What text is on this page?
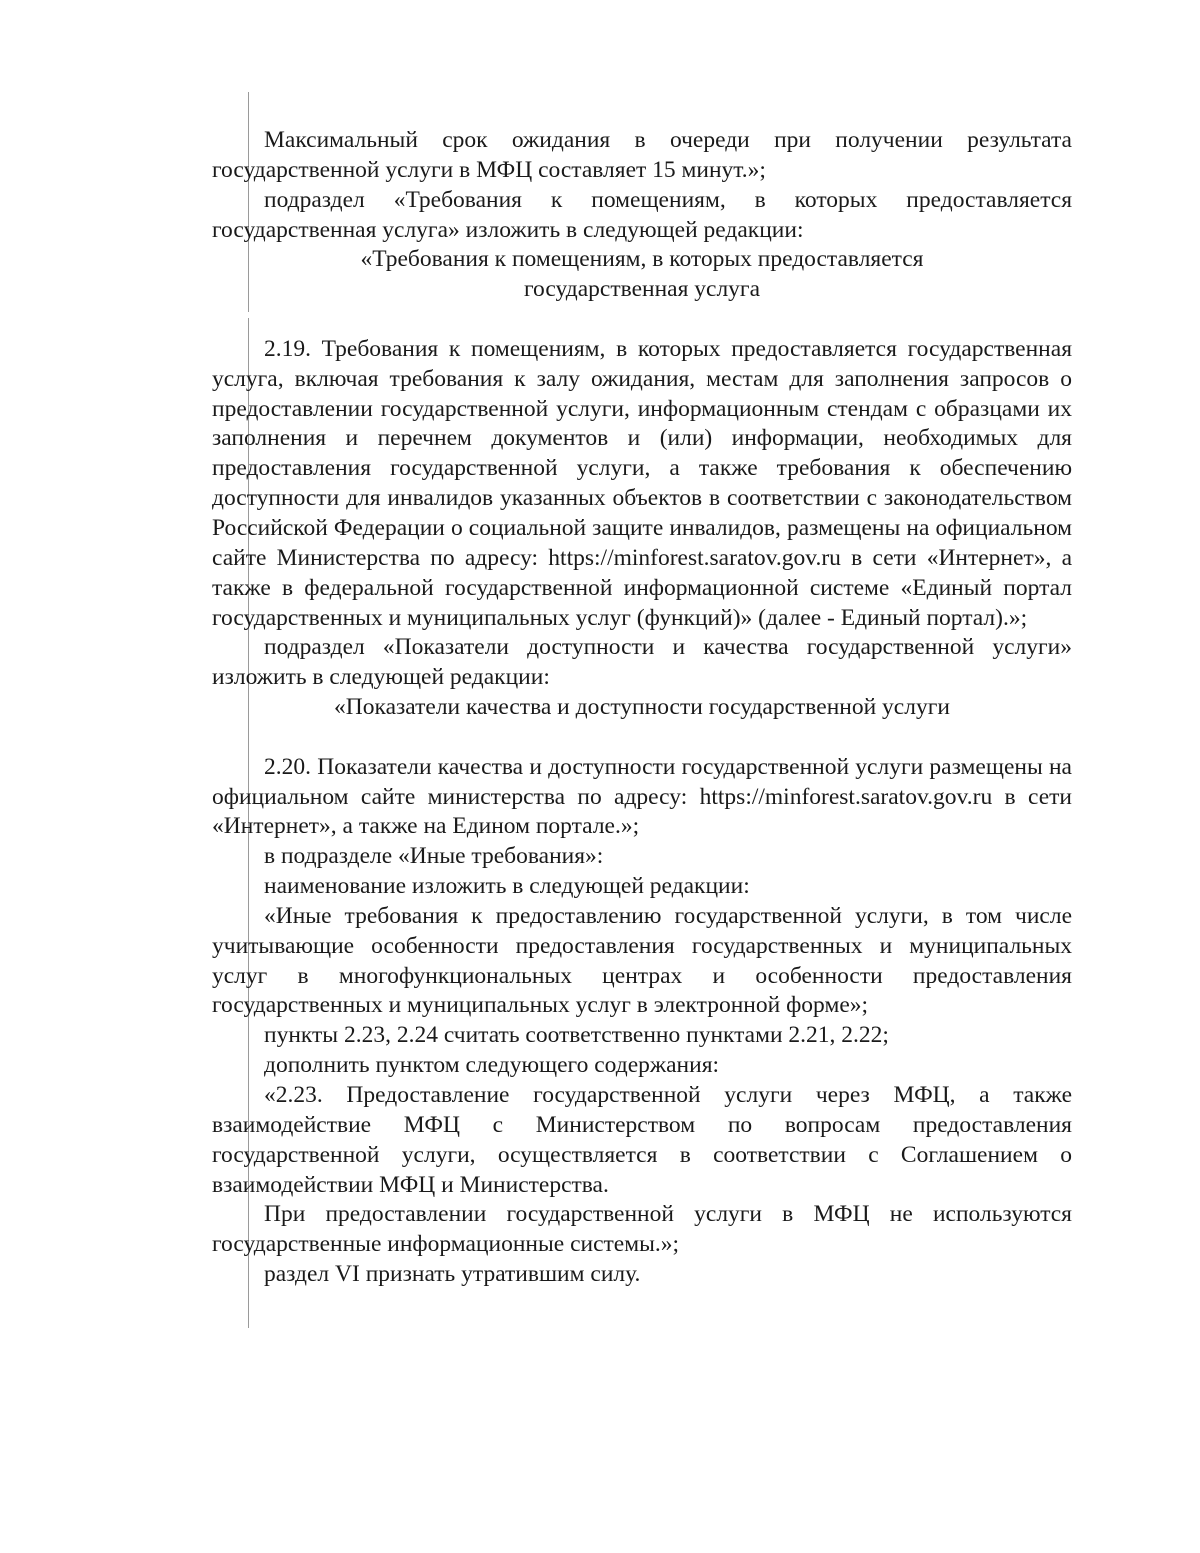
Максимальный срок ожидания в очереди при получении результата государственной услуги в МФЦ составляет 15 минут.»;

подраздел «Требования к помещениям, в которых предоставляется государственная услуга» изложить в следующей редакции:

«Требования к помещениям, в которых предоставляется

государственная услуга

2.19. Требования к помещениям, в которых предоставляется государственная услуга, включая требования к залу ожидания, местам для заполнения запросов о предоставлении государственной услуги, информационным стендам с образцами их заполнения и перечнем документов и (или) информации, необходимых для предоставления государственной услуги, а также требования к обеспечению доступности для инвалидов указанных объектов в соответствии с законодательством Российской Федерации о социальной защите инвалидов, размещены на официальном сайте Министерства по адресу: https://minforest.saratov.gov.ru в сети «Интернет», а также в федеральной государственной информационной системе «Единый портал государственных и муниципальных услуг (функций)» (далее - Единый портал).»;

подраздел «Показатели доступности и качества государственной услуги» изложить в следующей редакции:

«Показатели качества и доступности государственной услуги

2.20. Показатели качества и доступности государственной услуги размещены на официальном сайте министерства по адресу: https://minforest.saratov.gov.ru в сети «Интернет», а также на Едином портале.»;

в подразделе «Иные требования»:

наименование изложить в следующей редакции:

«Иные требования к предоставлению государственной услуги, в том числе учитывающие особенности предоставления государственных и муниципальных услуг в многофункциональных центрах и особенности предоставления государственных и муниципальных услуг в электронной форме»;

пункты 2.23, 2.24 считать соответственно пунктами 2.21, 2.22;

дополнить пунктом следующего содержания:

«2.23. Предоставление государственной услуги через МФЦ, а также взаимодействие МФЦ с Министерством по вопросам предоставления государственной услуги, осуществляется в соответствии с Соглашением о взаимодействии МФЦ и Министерства.

При предоставлении государственной услуги в МФЦ не используются государственные информационные системы.»;

раздел VI признать утратившим силу.
